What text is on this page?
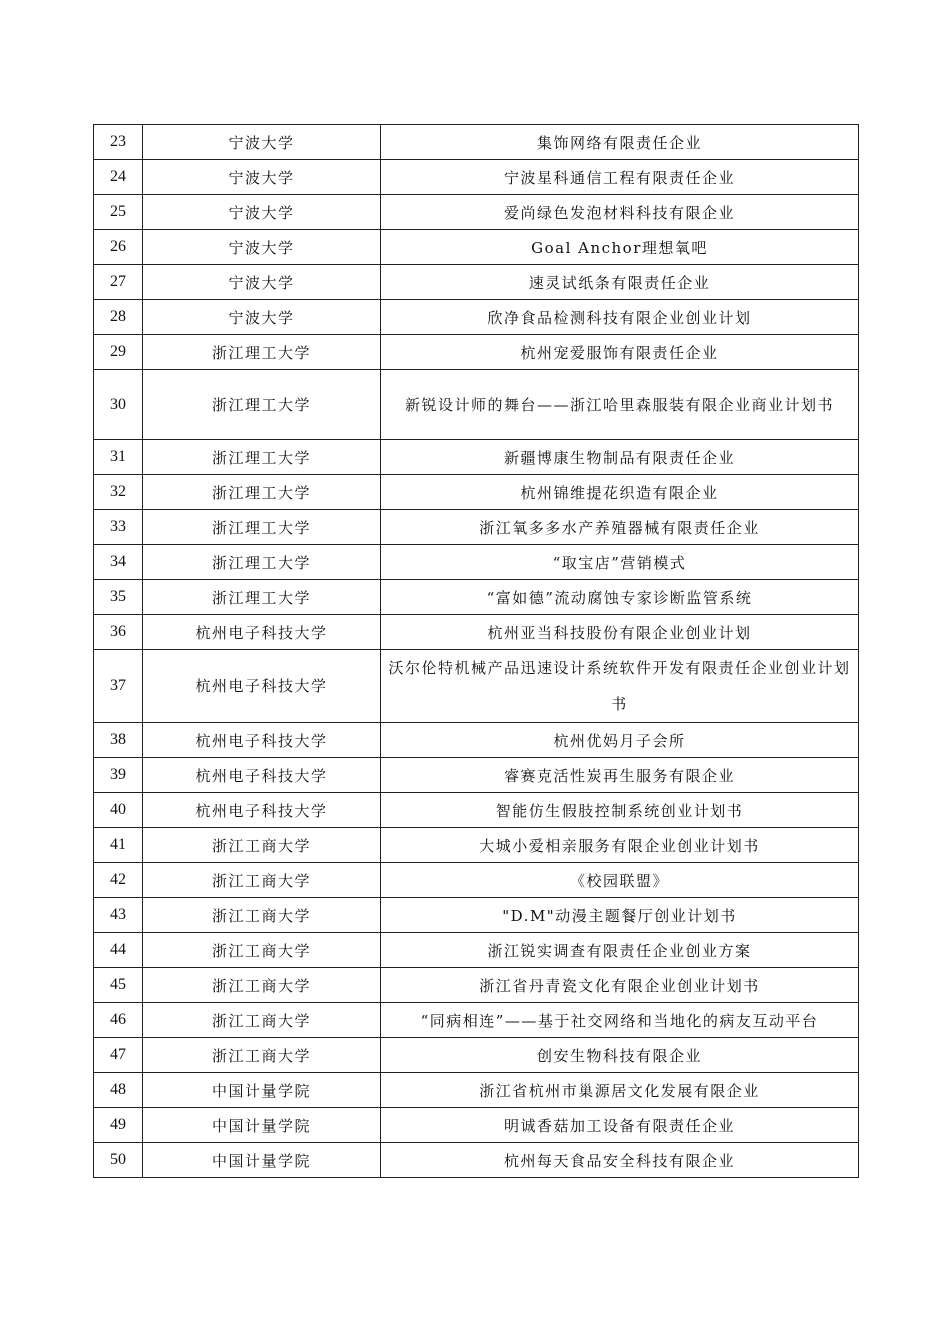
23	宁波大学	集饰网络有限责任企业
24	宁波大学	宁波星科通信工程有限责任企业
25	宁波大学	爱尚绿色发泡材料科技有限企业
26	宁波大学	Goal Anchor理想氧吧
27	宁波大学	速灵试纸条有限责任企业
28	宁波大学	欣净食品检测科技有限企业创业计划
29	浙江理工大学	杭州宠爱服饰有限责任企业
30	浙江理工大学	新锐设计师的舞台——浙江哈里森服装有限企业商业计划书
31	浙江理工大学	新疆博康生物制品有限责任企业
32	浙江理工大学	杭州锦维提花织造有限企业
33	浙江理工大学	浙江氧多多水产养殖器械有限责任企业
34	浙江理工大学	“取宝店”营销模式
35	浙江理工大学	“富如德”流动腐蚀专家诊断监管系统
36	杭州电子科技大学	杭州亚当科技股份有限企业创业计划
37	杭州电子科技大学	沃尔伦特机械产品迅速设计系统软件开发有限责任企业创业计划书
38	杭州电子科技大学	杭州优妈月子会所
39	杭州电子科技大学	睿赛克活性炭再生服务有限企业
40	杭州电子科技大学	智能仿生假肢控制系统创业计划书
41	浙江工商大学	大城小爱相亲服务有限企业创业计划书
42	浙江工商大学	《校园联盟》
43	浙江工商大学	"D.M"动漫主题餐厅创业计划书
44	浙江工商大学	浙江锐实调查有限责任企业创业方案
45	浙江工商大学	浙江省丹青瓷文化有限企业创业计划书
46	浙江工商大学	“同病相连”——基于社交网络和当地化的病友互动平台
47	浙江工商大学	创安生物科技有限企业
48	中国计量学院	浙江省杭州市巢源居文化发展有限企业
49	中国计量学院	明诚香菇加工设备有限责任企业
50	中国计量学院	杭州每天食品安全科技有限企业
